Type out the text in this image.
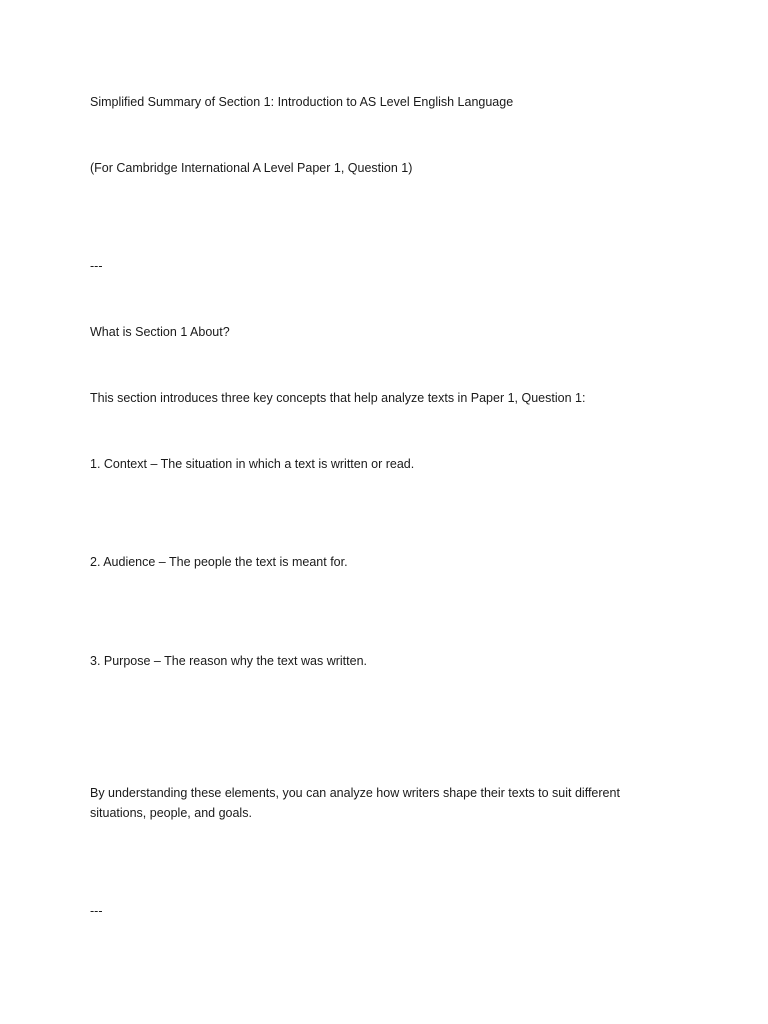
Simplified Summary of Section 1: Introduction to AS Level English Language

(For Cambridge International A Level Paper 1, Question 1)

---

What is Section 1 About?

This section introduces three key concepts that help analyze texts in Paper 1, Question 1:

1. Context – The situation in which a text is written or read.

2. Audience – The people the text is meant for.

3. Purpose – The reason why the text was written.

By understanding these elements, you can analyze how writers shape their texts to suit different situations, people, and goals.

---
